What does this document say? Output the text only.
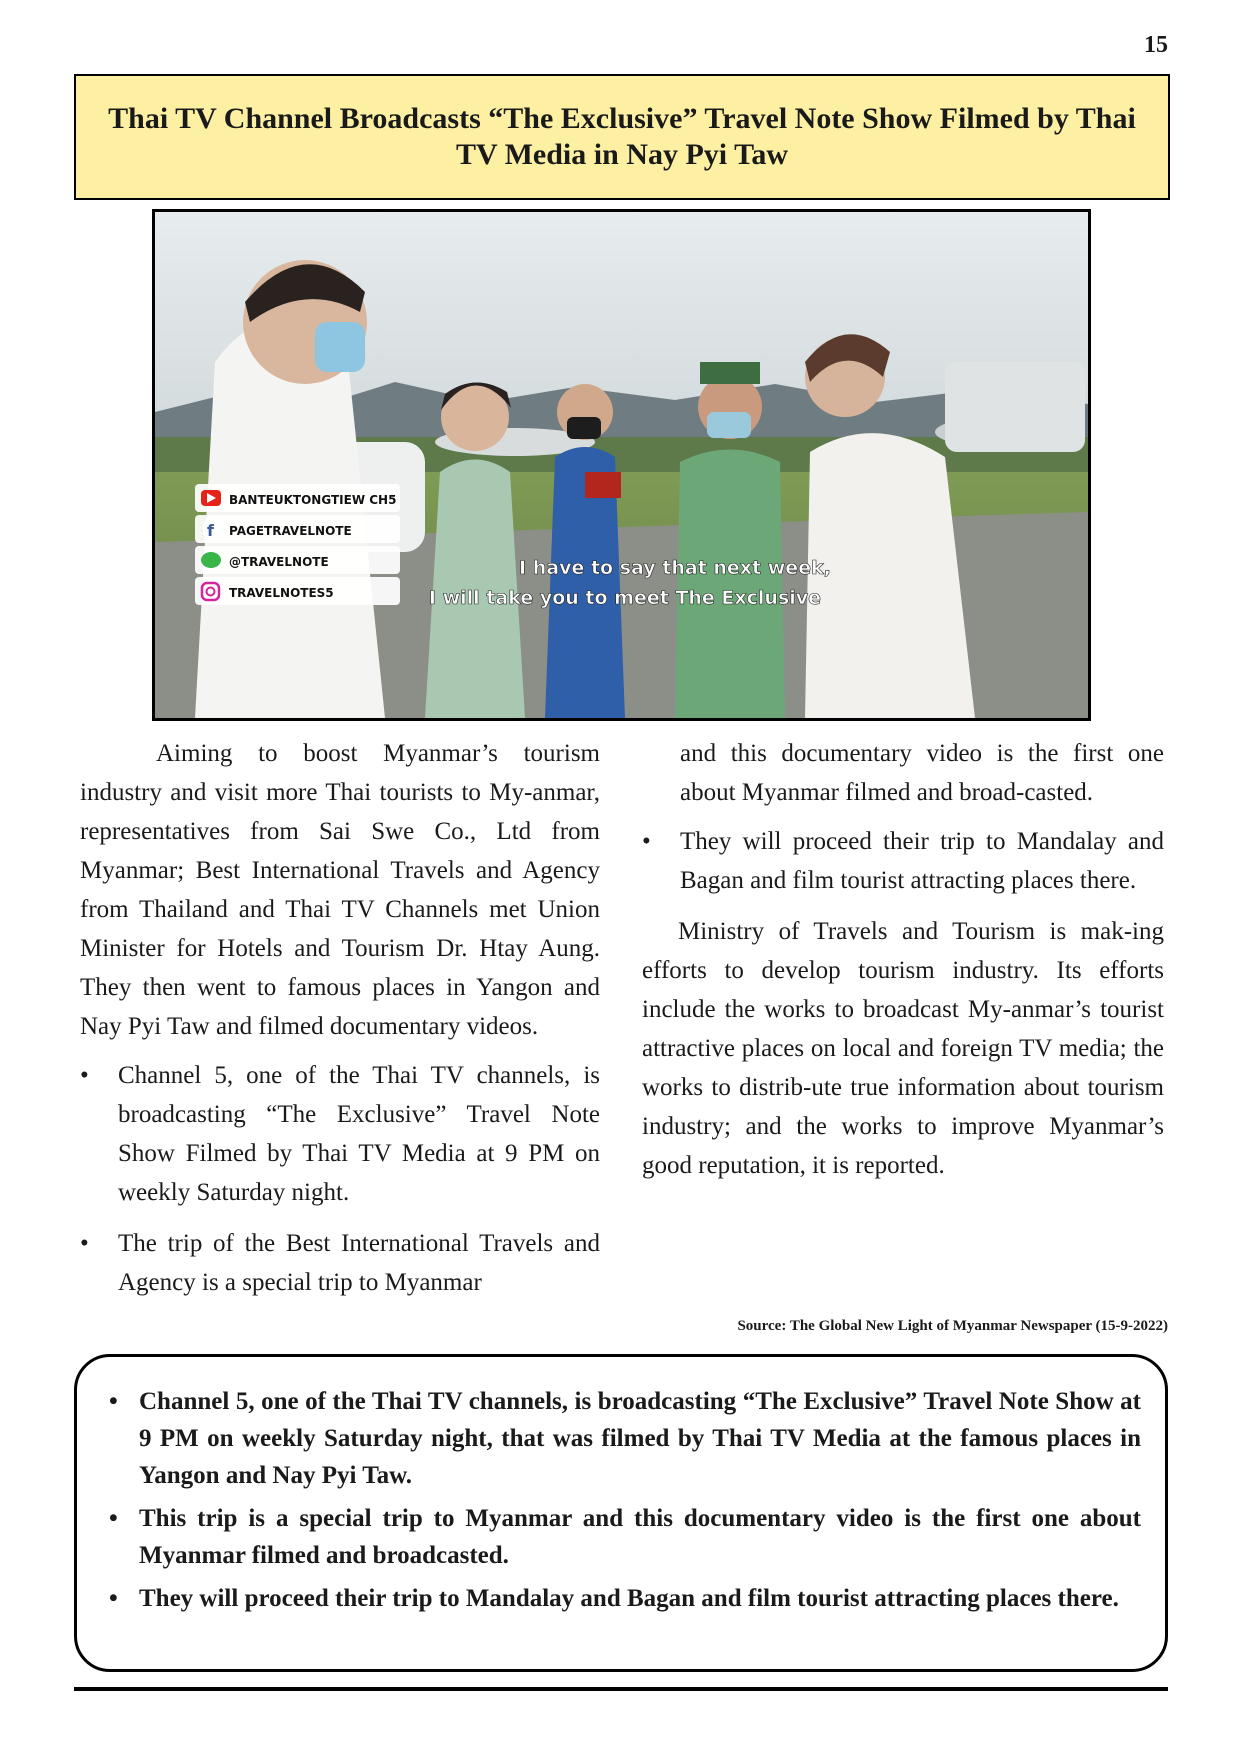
15
Thai TV Channel Broadcasts “The Exclusive” Travel Note Show Filmed by Thai TV Media in Nay Pyi Taw
f
BANTEUKTONGTIEW CH5
PAGETRAVELNOTE
@TRAVELNOTE
TRAVELNOTES5
I have to say that next week,
I will take you to meet The Exclusive

Aiming to boost Myanmar’s tourism industry and visit more Thai tourists to My-anmar, representatives from Sai Swe Co., Ltd from Myanmar; Best International Travels and Agency from Thailand and Thai TV Channels met Union Minister for Hotels and Tourism Dr. Htay Aung. They then went to famous places in Yangon and Nay Pyi Taw and filmed documentary videos.

• Channel 5, one of the Thai TV channels, is broadcasting “The Exclusive” Travel Note Show Filmed by Thai TV Media at 9 PM on weekly Saturday night.
• The trip of the Best International Travels and Agency is a special trip to Myanmar

and this documentary video is the first one about Myanmar filmed and broad-casted.

• They will proceed their trip to Mandalay and Bagan and film tourist attracting places there.

Ministry of Travels and Tourism is mak-ing efforts to develop tourism industry. Its efforts include the works to broadcast My-anmar’s tourist attractive places on local and foreign TV media; the works to distrib-ute true information about tourism industry; and the works to improve Myanmar’s good reputation, it is reported.

Source: The Global New Light of Myanmar Newspaper (15-9-2022)
• Channel 5, one of the Thai TV channels, is broadcasting “The Exclusive” Travel Note Show at 9 PM on weekly Saturday night, that was filmed by Thai TV Media at the famous places in Yangon and Nay Pyi Taw.
• This trip is a special trip to Myanmar and this documentary video is the first one about Myanmar filmed and broadcasted.
• They will proceed their trip to Mandalay and Bagan and film tourist attracting places there.
